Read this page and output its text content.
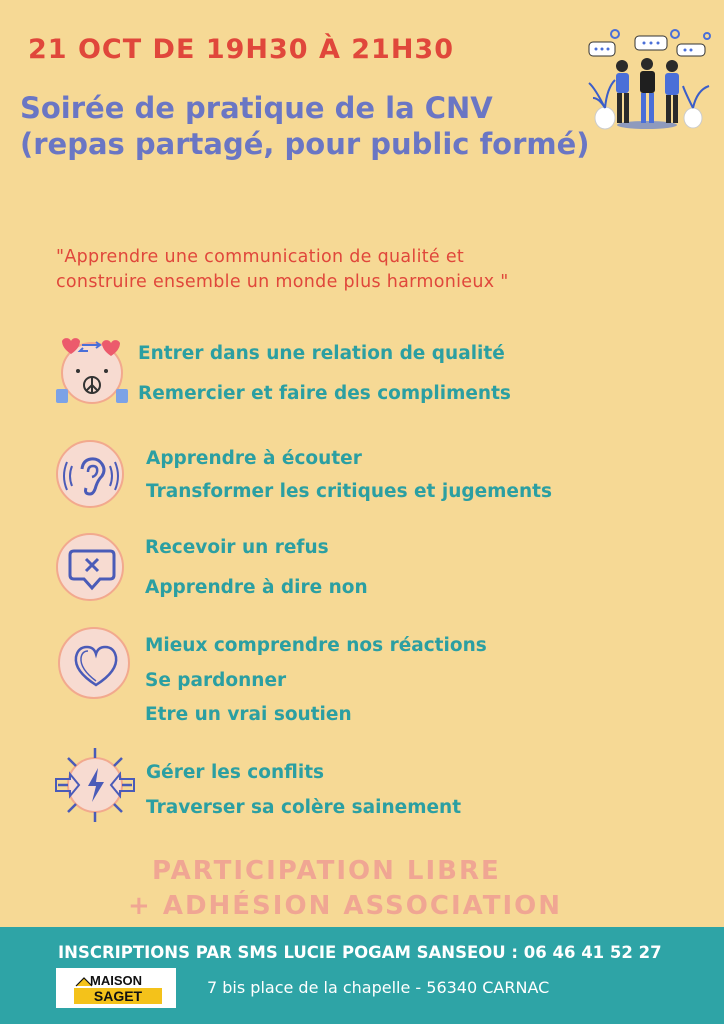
21 OCT DE 19H30 À 21H30
Soirée de pratique de la CNV
(repas partagé, pour public formé)
"Apprendre une communication de qualité et
construire ensemble un monde plus harmonieux "
Entrer dans une relation de qualité
Remercier et faire des compliments
Apprendre à écouter
Transformer les critiques et jugements
Recevoir un refus
Apprendre à dire non
Mieux comprendre nos réactions
Se pardonner
Etre un vrai soutien
Gérer les conflits
Traverser sa colère sainement
PARTICIPATION LIBRE
+ ADHÉSION ASSOCIATION
INSCRIPTIONS PAR SMS LUCIE POGAM SANSEOU : 06 46 41 52 27
MAISON
SAGET	7 bis place de la chapelle - 56340 CARNAC
